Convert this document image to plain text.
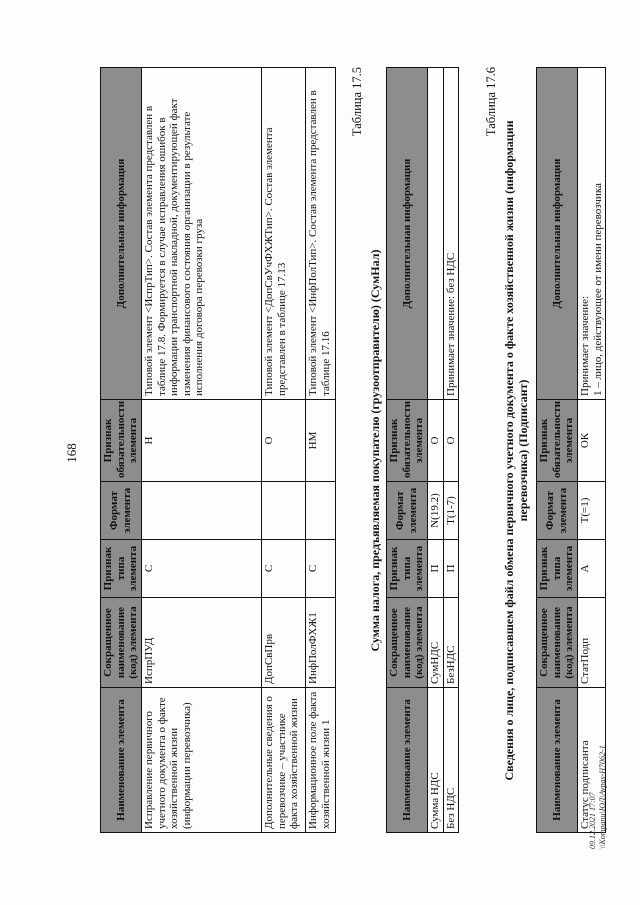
168
Наименование элемента	Сокращенное наименование (код) элемента	Признак типа элемента	Формат элемента	Признак обязательности элемента	Дополнительная информация
Исправление первичного учетного документа о факте хозяйственной жизни (информации перевозчика)	ИспрПУД	С		Н	Типовой элемент <ИспрТип>. Состав элемента представлен в таблице 17.8. Формируется в случае исправления ошибок в информации транспортной накладной, документирующей факт изменения финансового состояния организации в результате исполнения договора перевозки груза
Дополнительные сведения о перевозчике – участнике факта хозяйственной жизни	ДопСвПрв	С		О	Типовой элемент <ДопСвУчФХЖТип>. Состав элемента представлен в таблице 17.13
Информационное поле факта хозяйственной жизни 1	ИнфПолФХЖ1	С		НМ	Типовой элемент <ИнфПолТип>. Состав элемента представлен в таблице 17.16
Таблица 17.5
Сумма налога, предъявляемая покупателю (грузоотправителю) (СумНал)
Наименование элемента	Сокращенное наименование (код) элемента	Признак типа элемента	Формат элемента	Признак обязательности элемента	Дополнительная информация
Сумма НДС	СумНДС	П	N(19.2)	О	
Без НДС	БезНДС	П	T(1-7)	О	Принимает значение: без НДС
Таблица 17.6
Сведения о лице, подписавшем файл обмена первичного учетного документа о факте хозяйственной жизни (информации перевозчика) (Подписант)
Наименование элемента	Сокращенное наименование (код) элемента	Признак типа элемента	Формат элемента	Признак обязательности элемента	Дополнительная информация
Статус подписанта	СтатПодп	А	T(=1)	ОК	Принимает значение:
1 – лицо, действующее от имени перевозчика
09.12.2021 17:07 \\Kompanu\ЮЛ\Avpas-Н7062-1
